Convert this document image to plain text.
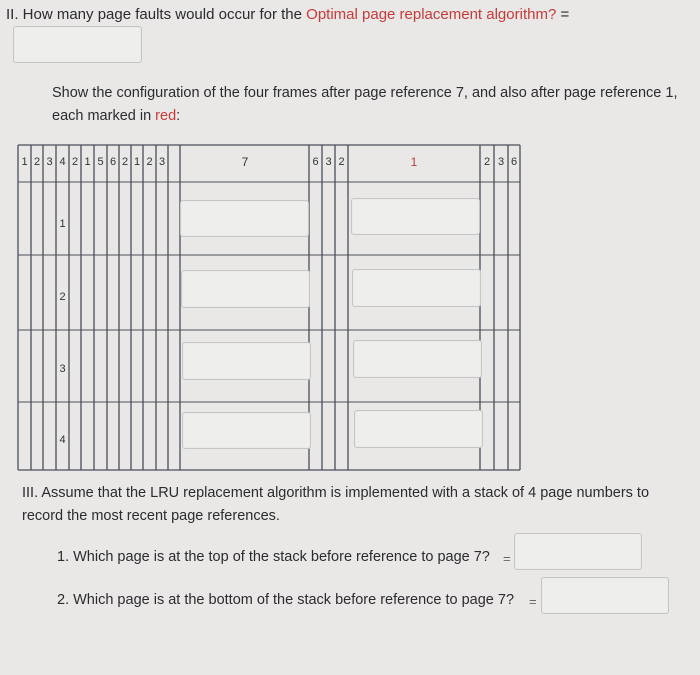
II. How many page faults would occur for the Optimal page replacement algorithm? =
Show the configuration of the four frames after page reference 7, and also after page reference 1, each marked in red:
1 2 3 4 2 1 5 6 2 1 2 3	7	6 3 2	1	2 3 6
1
2
3
4
III. Assume that the LRU replacement algorithm is implemented with a stack of 4 page numbers to record the most recent page references.
1. Which page is at the top of the stack before reference to page 7? =
2. Which page is at the bottom of the stack before reference to page 7? =
